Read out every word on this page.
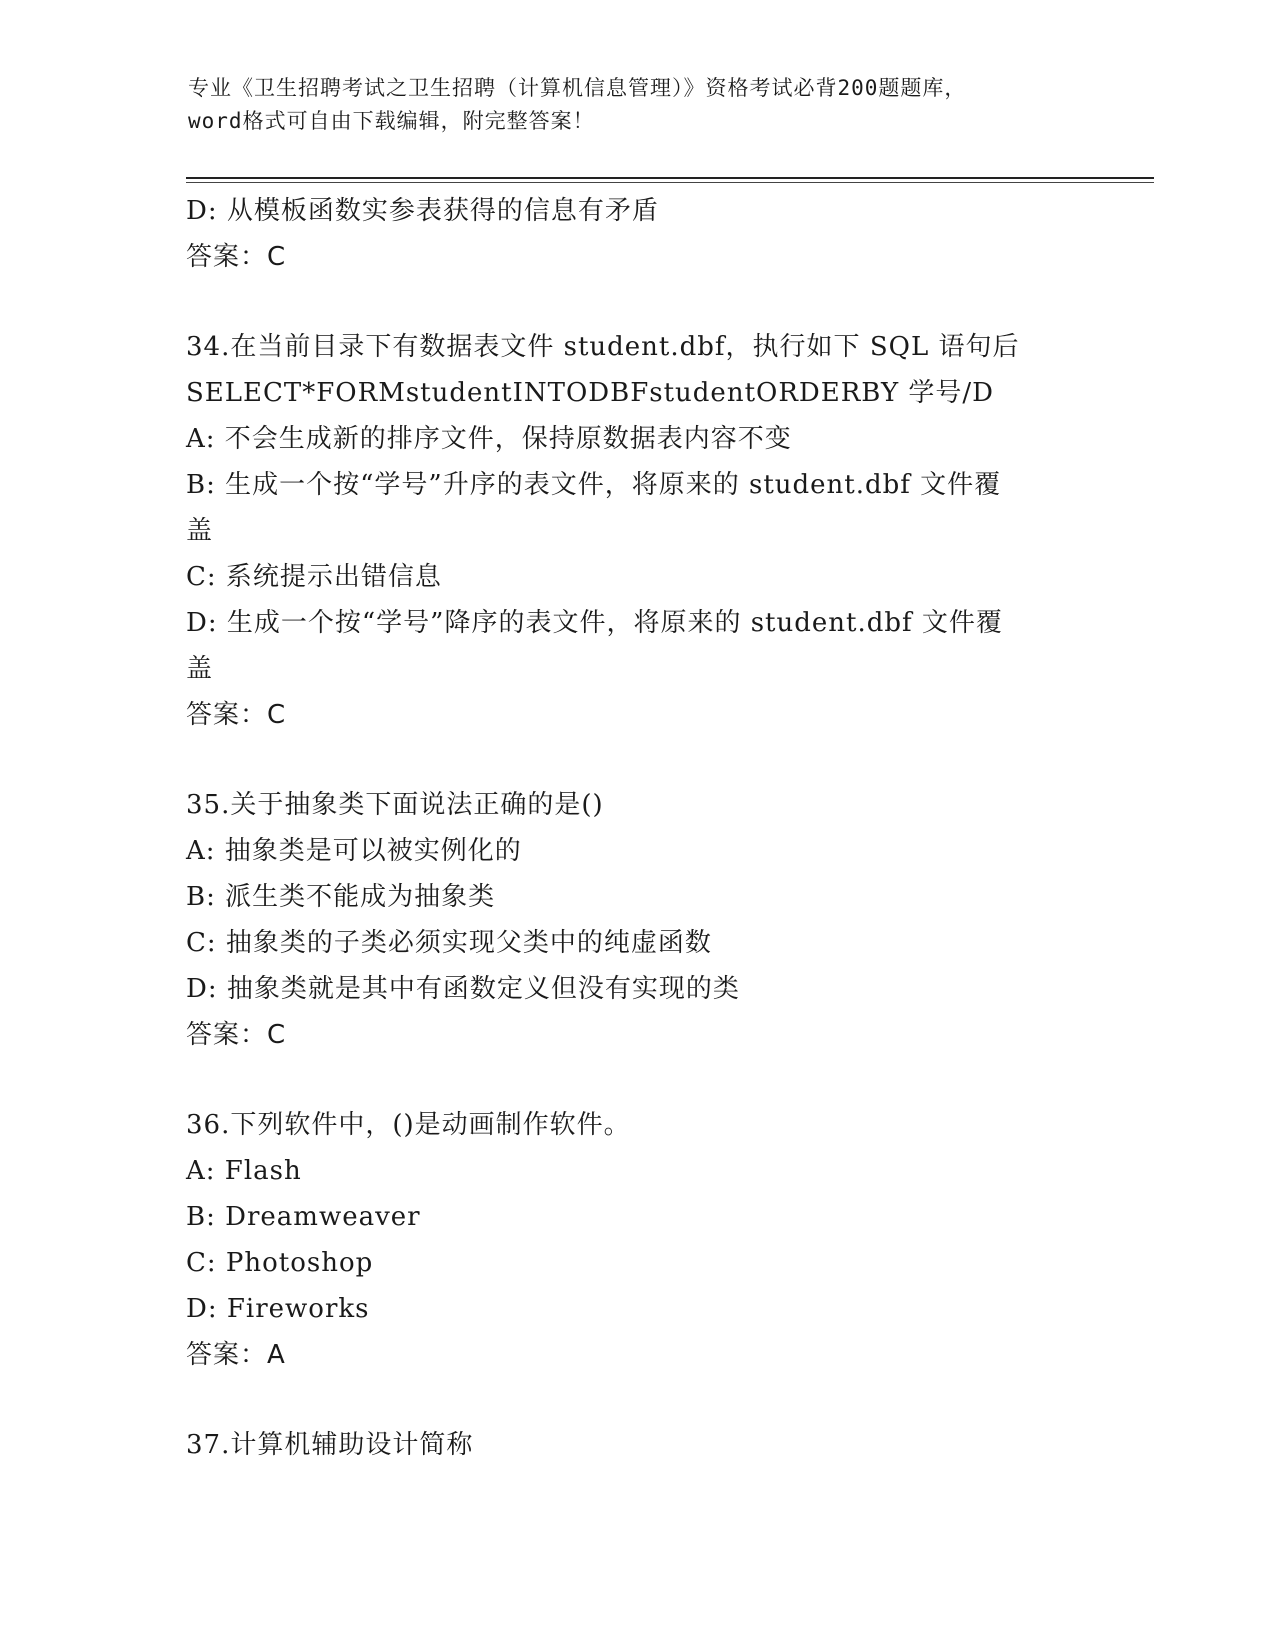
专业《卫生招聘考试之卫生招聘（计算机信息管理）》资格考试必背200题题库，
word格式可自由下载编辑，附完整答案！
D: 从模板函数实参表获得的信息有矛盾
答案：C
34.在当前目录下有数据表文件 student.dbf，执行如下 SQL 语句后
SELECT*FORMstudentINTODBFstudentORDERBY 学号/D
A: 不会生成新的排序文件，保持原数据表内容不变
B: 生成一个按“学号”升序的表文件，将原来的 student.dbf 文件覆
盖
C: 系统提示出错信息
D: 生成一个按“学号”降序的表文件，将原来的 student.dbf 文件覆
盖
答案：C
35.关于抽象类下面说法正确的是()
A: 抽象类是可以被实例化的
B: 派生类不能成为抽象类
C: 抽象类的子类必须实现父类中的纯虚函数
D: 抽象类就是其中有函数定义但没有实现的类
答案：C
36.下列软件中，()是动画制作软件。
A: Flash
B: Dreamweaver
C: Photoshop
D: Fireworks
答案：A
37.计算机辅助设计简称
